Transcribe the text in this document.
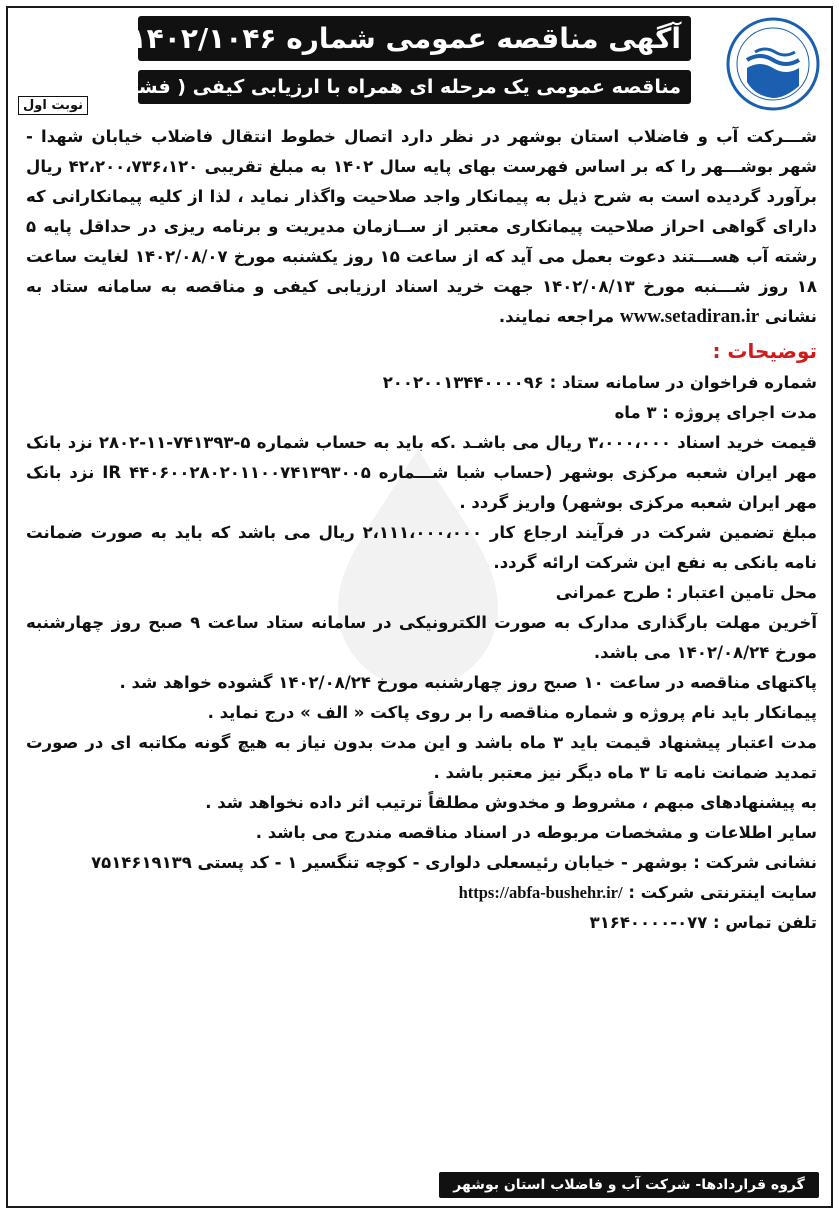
آگهی مناقصه عمومی شماره ۱۴۰۲/۱۰۴۶
مناقصه عمومی یک مرحله ای همراه با ارزیابی کیفی ( فشرده )
نوبت اول

شـــرکت آب و فاضلاب استان بوشهر در نظر دارد اتصال خطوط انتقال فاضلاب خیابان شهدا - شهر بوشـــهر را که بر اساس فهرست بهای پایه سال ۱۴۰۲ به مبلغ تقریبی ۴۲،۲۰۰،۷۳۶،۱۲۰ ریال برآورد گردیده است به شرح ذیل به پیمانکار واجد صلاحیت واگذار نماید ، لذا از کلیه پیمانکارانی که دارای گواهی احراز صلاحیت پیمانکاری معتبر از ســازمان مدیریت و برنامه ریزی در حداقل پایه ۵ رشته آب هســـتند دعوت بعمل می آید که از ساعت ۱۵ روز یکشنبه مورخ ۱۴۰۲/۰۸/۰۷ لغایت ساعت ۱۸ روز شـــنبه مورخ ۱۴۰۲/۰۸/۱۳ جهت خرید اسناد ارزیابی کیفی و مناقصه به سامانه ستاد به نشانی www.setadiran.ir مراجعه نمایند.

توضیحات :
شماره فراخوان در سامانه ستاد : ۲۰۰۲۰۰۱۳۴۴۰۰۰۰۹۶
مدت اجرای پروژه : ۳ ماه
قیمت خرید اسناد ۳،۰۰۰،۰۰۰ ریال می باشـد .که باید به حساب شماره ۵-۷۴۱۳۹۳-۱۱-۲۸۰۲ نزد بانک مهر ایران شعبه مرکزی بوشهر (حساب شبا شـــماره IR ۴۴۰۶۰۰۲۸۰۲۰۱۱۰۰۷۴۱۳۹۳۰۰۵ نزد بانک مهر ایران شعبه مرکزی بوشهر) واریز گردد .
مبلغ تضمین شرکت در فرآیند ارجاع کار ۲،۱۱۱،۰۰۰،۰۰۰ ریال می باشد که باید به صورت ضمانت نامه بانکی به نفع این شرکت ارائه گردد.
محل تامین اعتبار : طرح عمرانی
آخرین مهلت بارگذاری مدارک به صورت الکترونیکی در سامانه ستاد ساعت ۹ صبح روز چهارشنبه مورخ ۱۴۰۲/۰۸/۲۴ می باشد.
پاکتهای مناقصه در ساعت ۱۰ صبح روز چهارشنبه مورخ ۱۴۰۲/۰۸/۲۴ گشوده خواهد شد .
پیمانکار باید نام پروژه و شماره مناقصه را بر روی پاکت « الف » درج نماید .
مدت اعتبار پیشنهاد قیمت باید ۳ ماه باشد و این مدت بدون نیاز به هیچ گونه مکاتبه ای در صورت تمدید ضمانت نامه تا ۳ ماه دیگر نیز معتبر باشد .
به پیشنهادهای مبهم ، مشروط و مخدوش مطلقاً ترتیب اثر داده نخواهد شد .
سایر اطلاعات و مشخصات مربوطه در اسناد مناقصه مندرج می باشد .
نشانی شرکت : بوشهر - خیابان رئیسعلی دلواری - کوچه تنگسیر ۱ - کد پستی ۷۵۱۴۶۱۹۱۳۹
سایت اینترنتی شرکت : https://abfa-bushehr.ir/
تلفن تماس : ۰۷۷-۳۱۶۴۰۰۰۰
گروه قراردادها- شرکت آب و فاضلاب استان بوشهر
